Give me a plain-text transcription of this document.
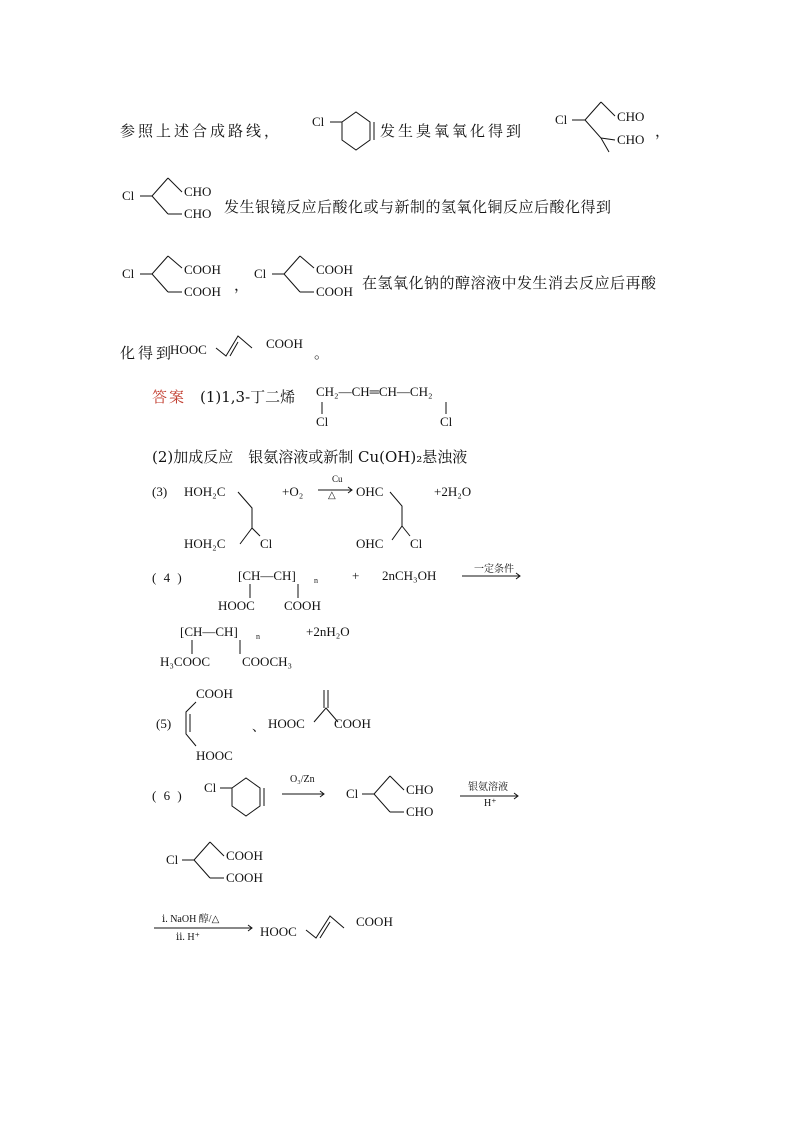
参照上述合成路线，
Cl
发生臭氧氧化得到
Cl	CHO
CHO ，
Cl	CHO
CHO 发生银镜反应后酸化或与新制的氢氧化铜反应后酸化得到
Cl	COOH
COOH ，
Cl	COOH
COOH 在氢氧化钠的醇溶液中发生消去反应后再酸
化得到
HOOC	COOH
。
答案 (1)1,3-丁二烯 CH₂—CH═CH—CH₂
Cl	Cl
(2)加成反应　银氨溶液或新制 Cu(OH)₂悬浊液
(3) HOH₂C
HOH₂C	Cl
+O₂
Cu
△ OHC
OHC Cl
+2H₂O
( 4 )	[CH—CH] n
HOOC COOH
+ 2nCH₃OH	一定条件
[CH—CH] n
H₃COOC COOCH₃
+2nH₂O
(5)
COOH
HOOC
、 HOOC COOH
( 6 )
Cl
O₃/Zn
Cl	CHO
CHO
银氨溶液
H⁺
Cl	COOH
COOH
ⅰ. NaOH 醇/△
ⅱ. H⁺	HOOC
COOH
